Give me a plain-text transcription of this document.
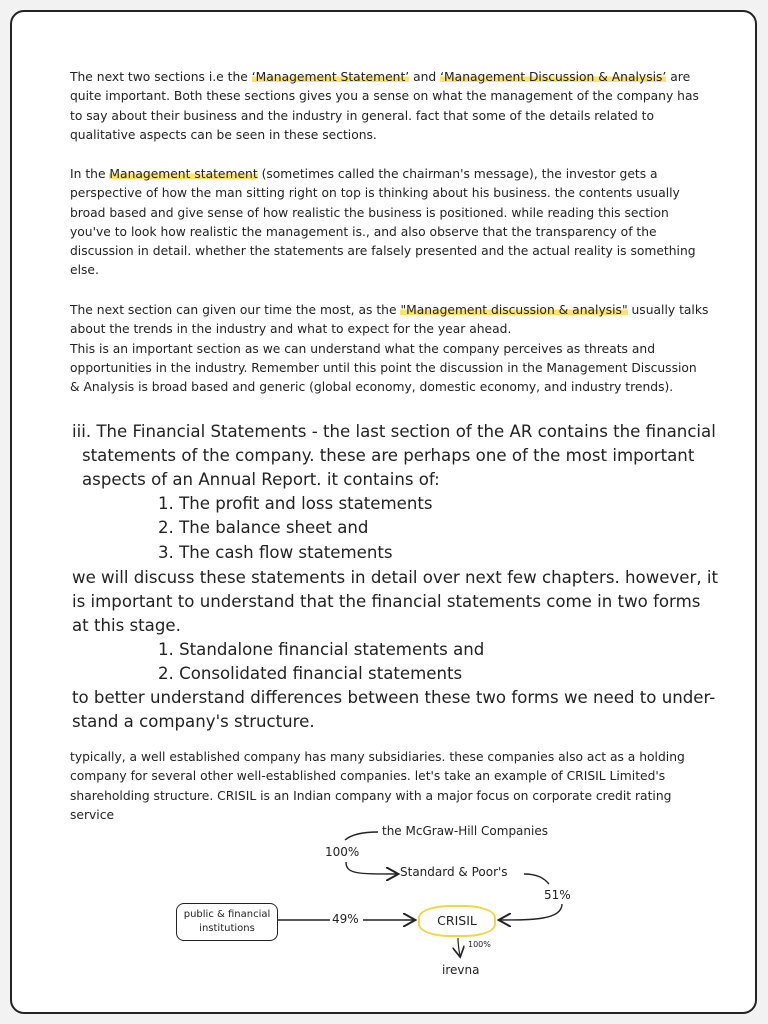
The next two sections i.e the ‘Management Statement’ and ‘Management Discussion & Analysis’ are quite important. Both these sections gives you a sense on what the management of the company has to say about their business and the industry in general. fact that some of the details related to qualitative aspects can be seen in these sections.

In the Management statement (sometimes called the chairman's message), the investor gets a perspective of how the man sitting right on top is thinking about his business. the contents usually broad based and give sense of how realistic the business is positioned. while reading this section you've to look how realistic the management is., and also observe that the transparency of the discussion in detail. whether the statements are falsely presented and the actual reality is something else.

The next section can given our time the most, as the "Management discussion & analysis" usually talks about the trends in the industry and what to expect for the year ahead.
This is an important section as we can understand what the company perceives as threats and opportunities in the industry. Remember until this point the discussion in the Management Discussion & Analysis is broad based and generic (global economy, domestic economy, and industry trends).

iii. The Financial Statements - the last section of the AR contains the financial statements of the company. these are perhaps one of the most important aspects of an Annual Report. it contains of:

1. The profit and loss statements
2. The balance sheet and
3. The cash flow statements

we will discuss these statements in detail over next few chapters. however, it is important to understand that the financial statements come in two forms at this stage.

1. Standalone financial statements and
2. Consolidated financial statements

to better understand differences between these two forms we need to under- stand a company's structure.

typically, a well established company has many subsidiaries. these companies also act as a holding company for several other well-established companies. let's take an example of CRISIL Limited's shareholding structure. CRISIL is an Indian company with a major focus on corporate credit rating service

the McGraw-Hill Companies
100%
Standard & Poor's
51%
public & financial institutions
49%	CRISIL
100%
irevna
